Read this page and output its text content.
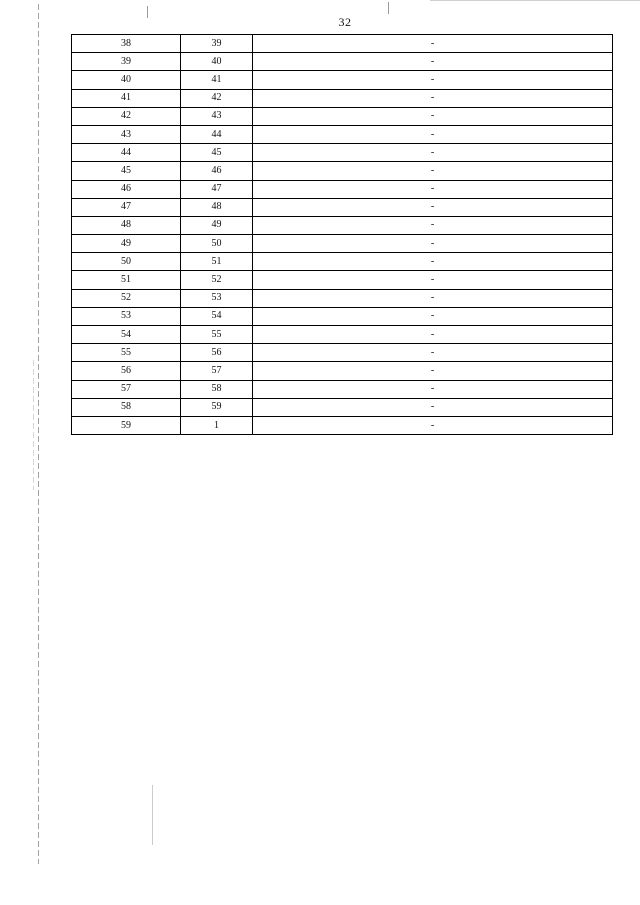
32
38	39	-
39	40	-
40	41	-
41	42	-
42	43	-
43	44	-
44	45	-
45	46	-
46	47	-
47	48	-
48	49	-
49	50	-
50	51	-
51	52	-
52	53	-
53	54	-
54	55	-
55	56	-
56	57	-
57	58	-
58	59	-
59	1	-
